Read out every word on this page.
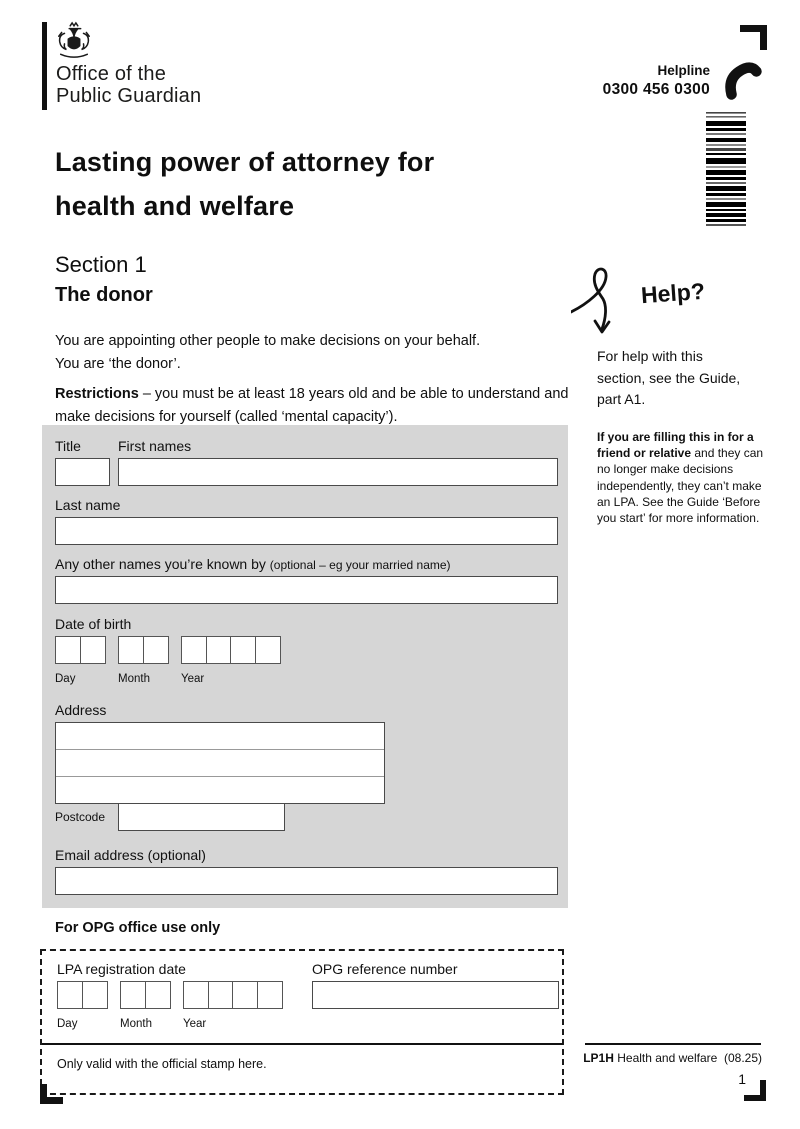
Office of the
Public Guardian
Helpline
0300 456 0300
Lasting power of attorney for
health and welfare
Section 1
The donor
You are appointing other people to make decisions on your behalf.
You are ‘the donor’.
Restrictions – you must be at least 18 years old and be able to understand and make decisions for yourself (called ‘mental capacity’).
Help?
For help with this section, see the Guide, part A1.
If you are filling this in for a friend or relative and they can no longer make decisions independently, they can’t make an LPA. See the Guide ‘Before you start’ for more information.
Title	First names
Last name
Any other names you’re known by (optional – eg your married name)
Date of birth
Day	Month	Year
Address
Postcode
Email address (optional)
For OPG office use only
LPA registration date	OPG reference number
Day	Month	Year
Only valid with the official stamp here.	LP1H Health and welfare (08.25)
1
